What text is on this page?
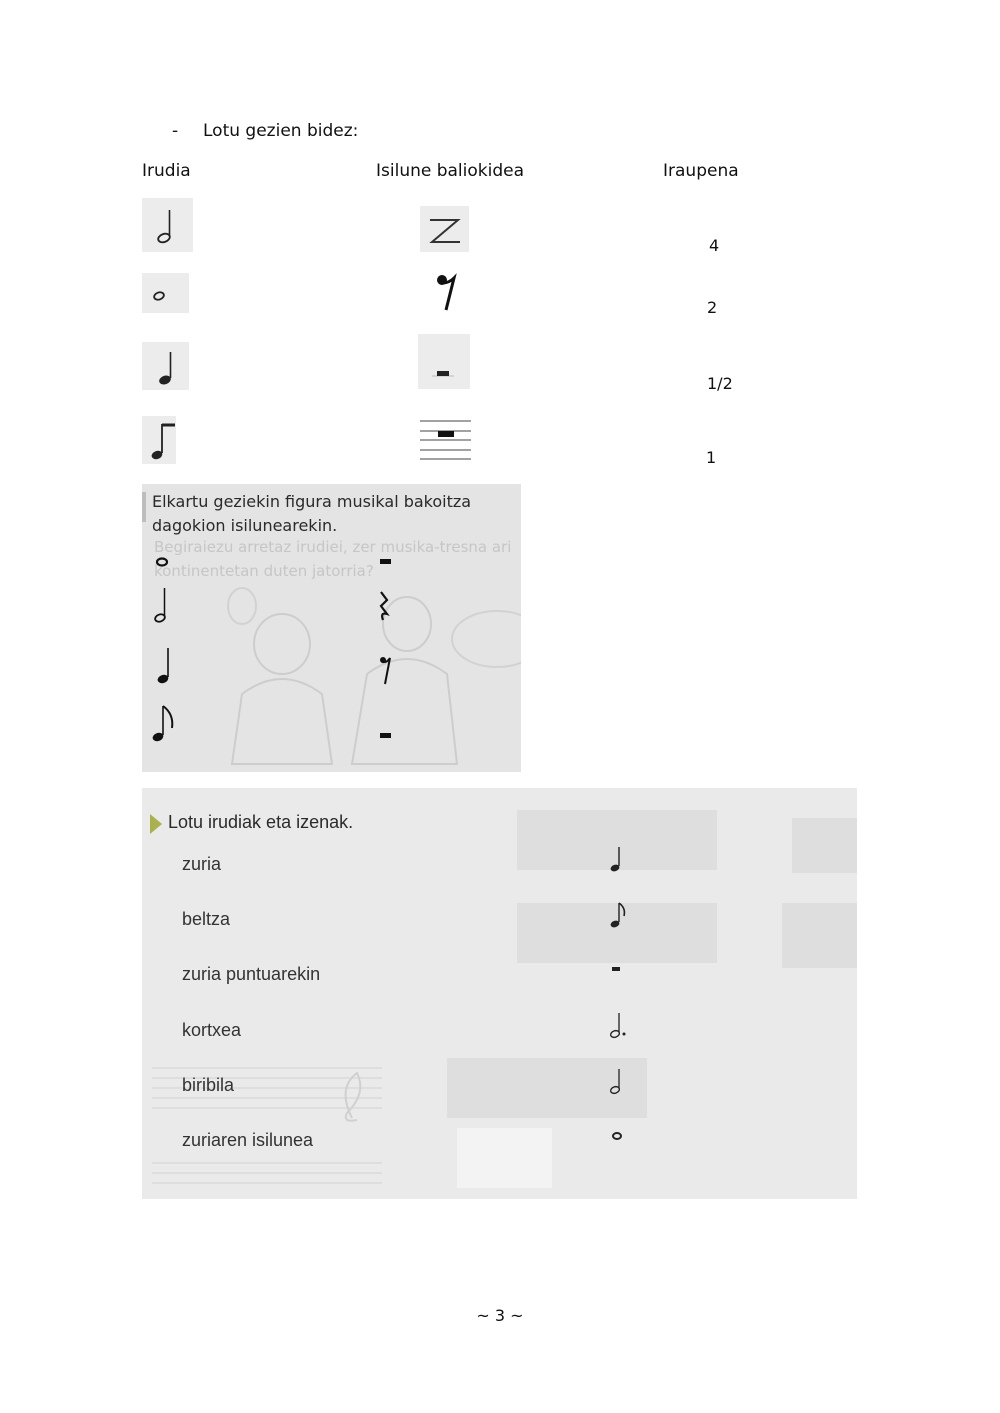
- Lotu gezien bidez:
Irudia	Isilune baliokidea	Iraupena
4
2
1/2
1
Begiraiezu arretaz irudiei, zer musika-tresna ari
kontinentetan duten jatorria?
Elkartu geziekin figura musikal bakoitza
dagokion isilunearekin.
Lotu irudiak eta izenak.
zuria
beltza
zuria puntuarekin
kortxea
biribila
zuriaren isilunea
~ 3 ~
